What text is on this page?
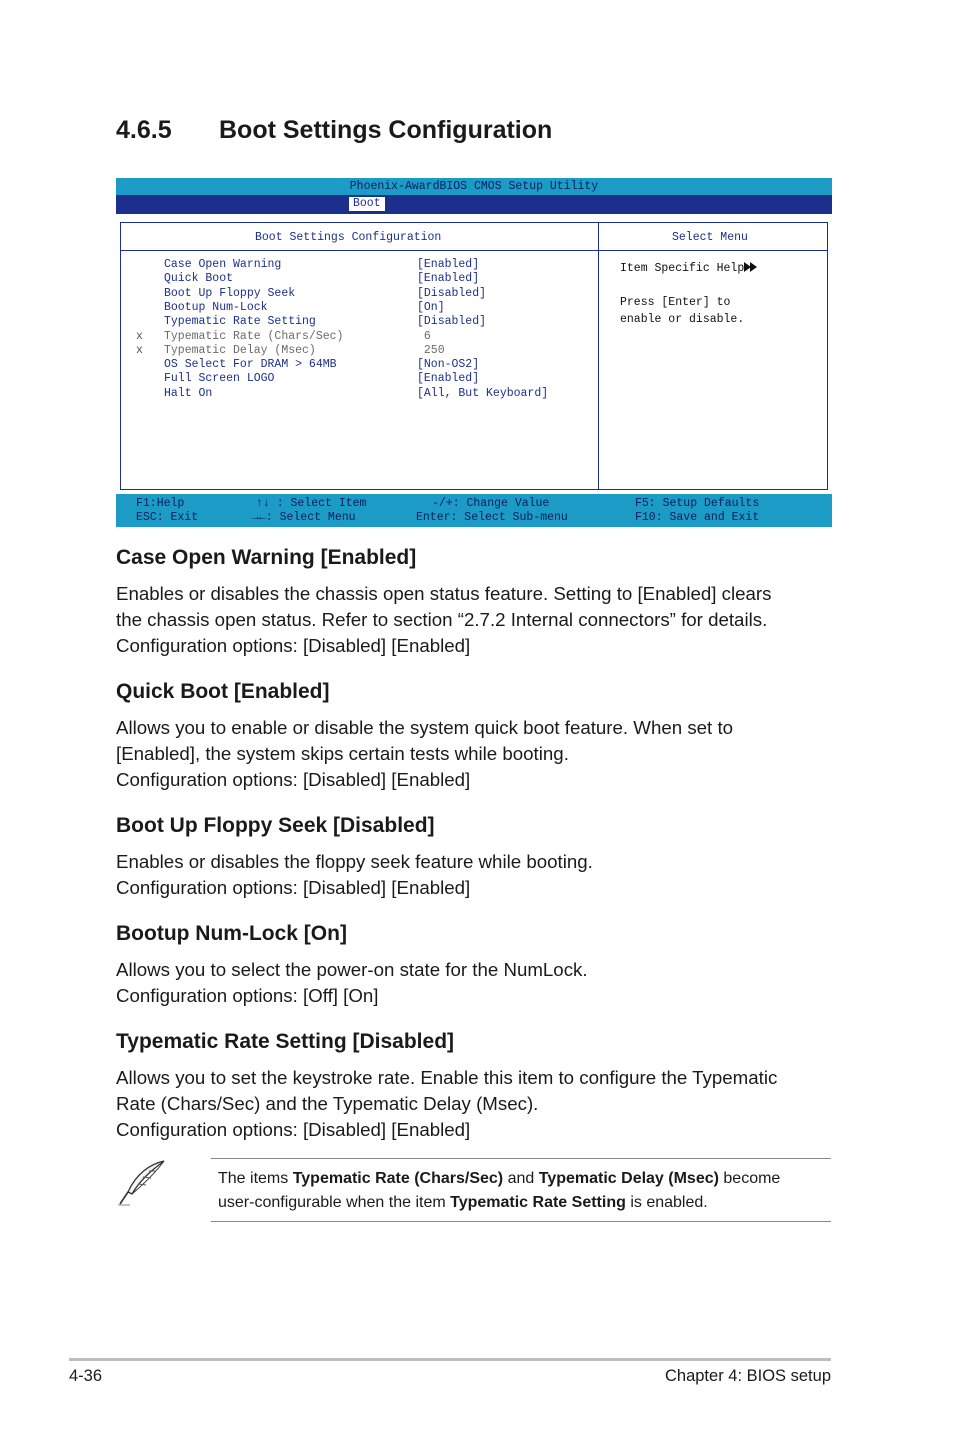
4.6.5 Boot Settings Configuration
Phoenix-AwardBIOS CMOS Setup Utility
Boot
Boot Settings Configuration	Select Menu
Case Open Warning	[Enabled]
Quick Boot	[Enabled]
Boot Up Floppy Seek	[Disabled]
Bootup Num-Lock	[On]
Typematic Rate Setting	[Disabled]
x Typematic Rate (Chars/Sec)	6
x Typematic Delay (Msec)	250
OS Select For DRAM > 64MB	[Non-OS2]
Full Screen LOGO	[Enabled]
Halt On	[All, But Keyboard]
Item Specific Help
Press [Enter] to
enable or disable.
F1:Help
ESC: Exit
↑↓ : Select Item
→←: Select Menu
-/+: Change Value
Enter: Select Sub-menu
F5: Setup Defaults
F10: Save and Exit
Case Open Warning [Enabled]

Enables or disables the chassis open status feature. Setting to [Enabled] clears
the chassis open status. Refer to section “2.7.2 Internal connectors” for details.
Configuration options: [Disabled] [Enabled]

Quick Boot [Enabled]

Allows you to enable or disable the system quick boot feature. When set to
[Enabled], the system skips certain tests while booting.
Configuration options: [Disabled] [Enabled]

Boot Up Floppy Seek [Disabled]

Enables or disables the floppy seek feature while booting.
Configuration options: [Disabled] [Enabled]

Bootup Num-Lock [On]

Allows you to select the power-on state for the NumLock.
Configuration options: [Off] [On]

Typematic Rate Setting [Disabled]

Allows you to set the keystroke rate. Enable this item to configure the Typematic
Rate (Chars/Sec) and the Typematic Delay (Msec).
Configuration options: [Disabled] [Enabled]

The items Typematic Rate (Chars/Sec) and Typematic Delay (Msec) become
user-configurable when the item Typematic Rate Setting is enabled.

4-36	Chapter 4: BIOS setup
